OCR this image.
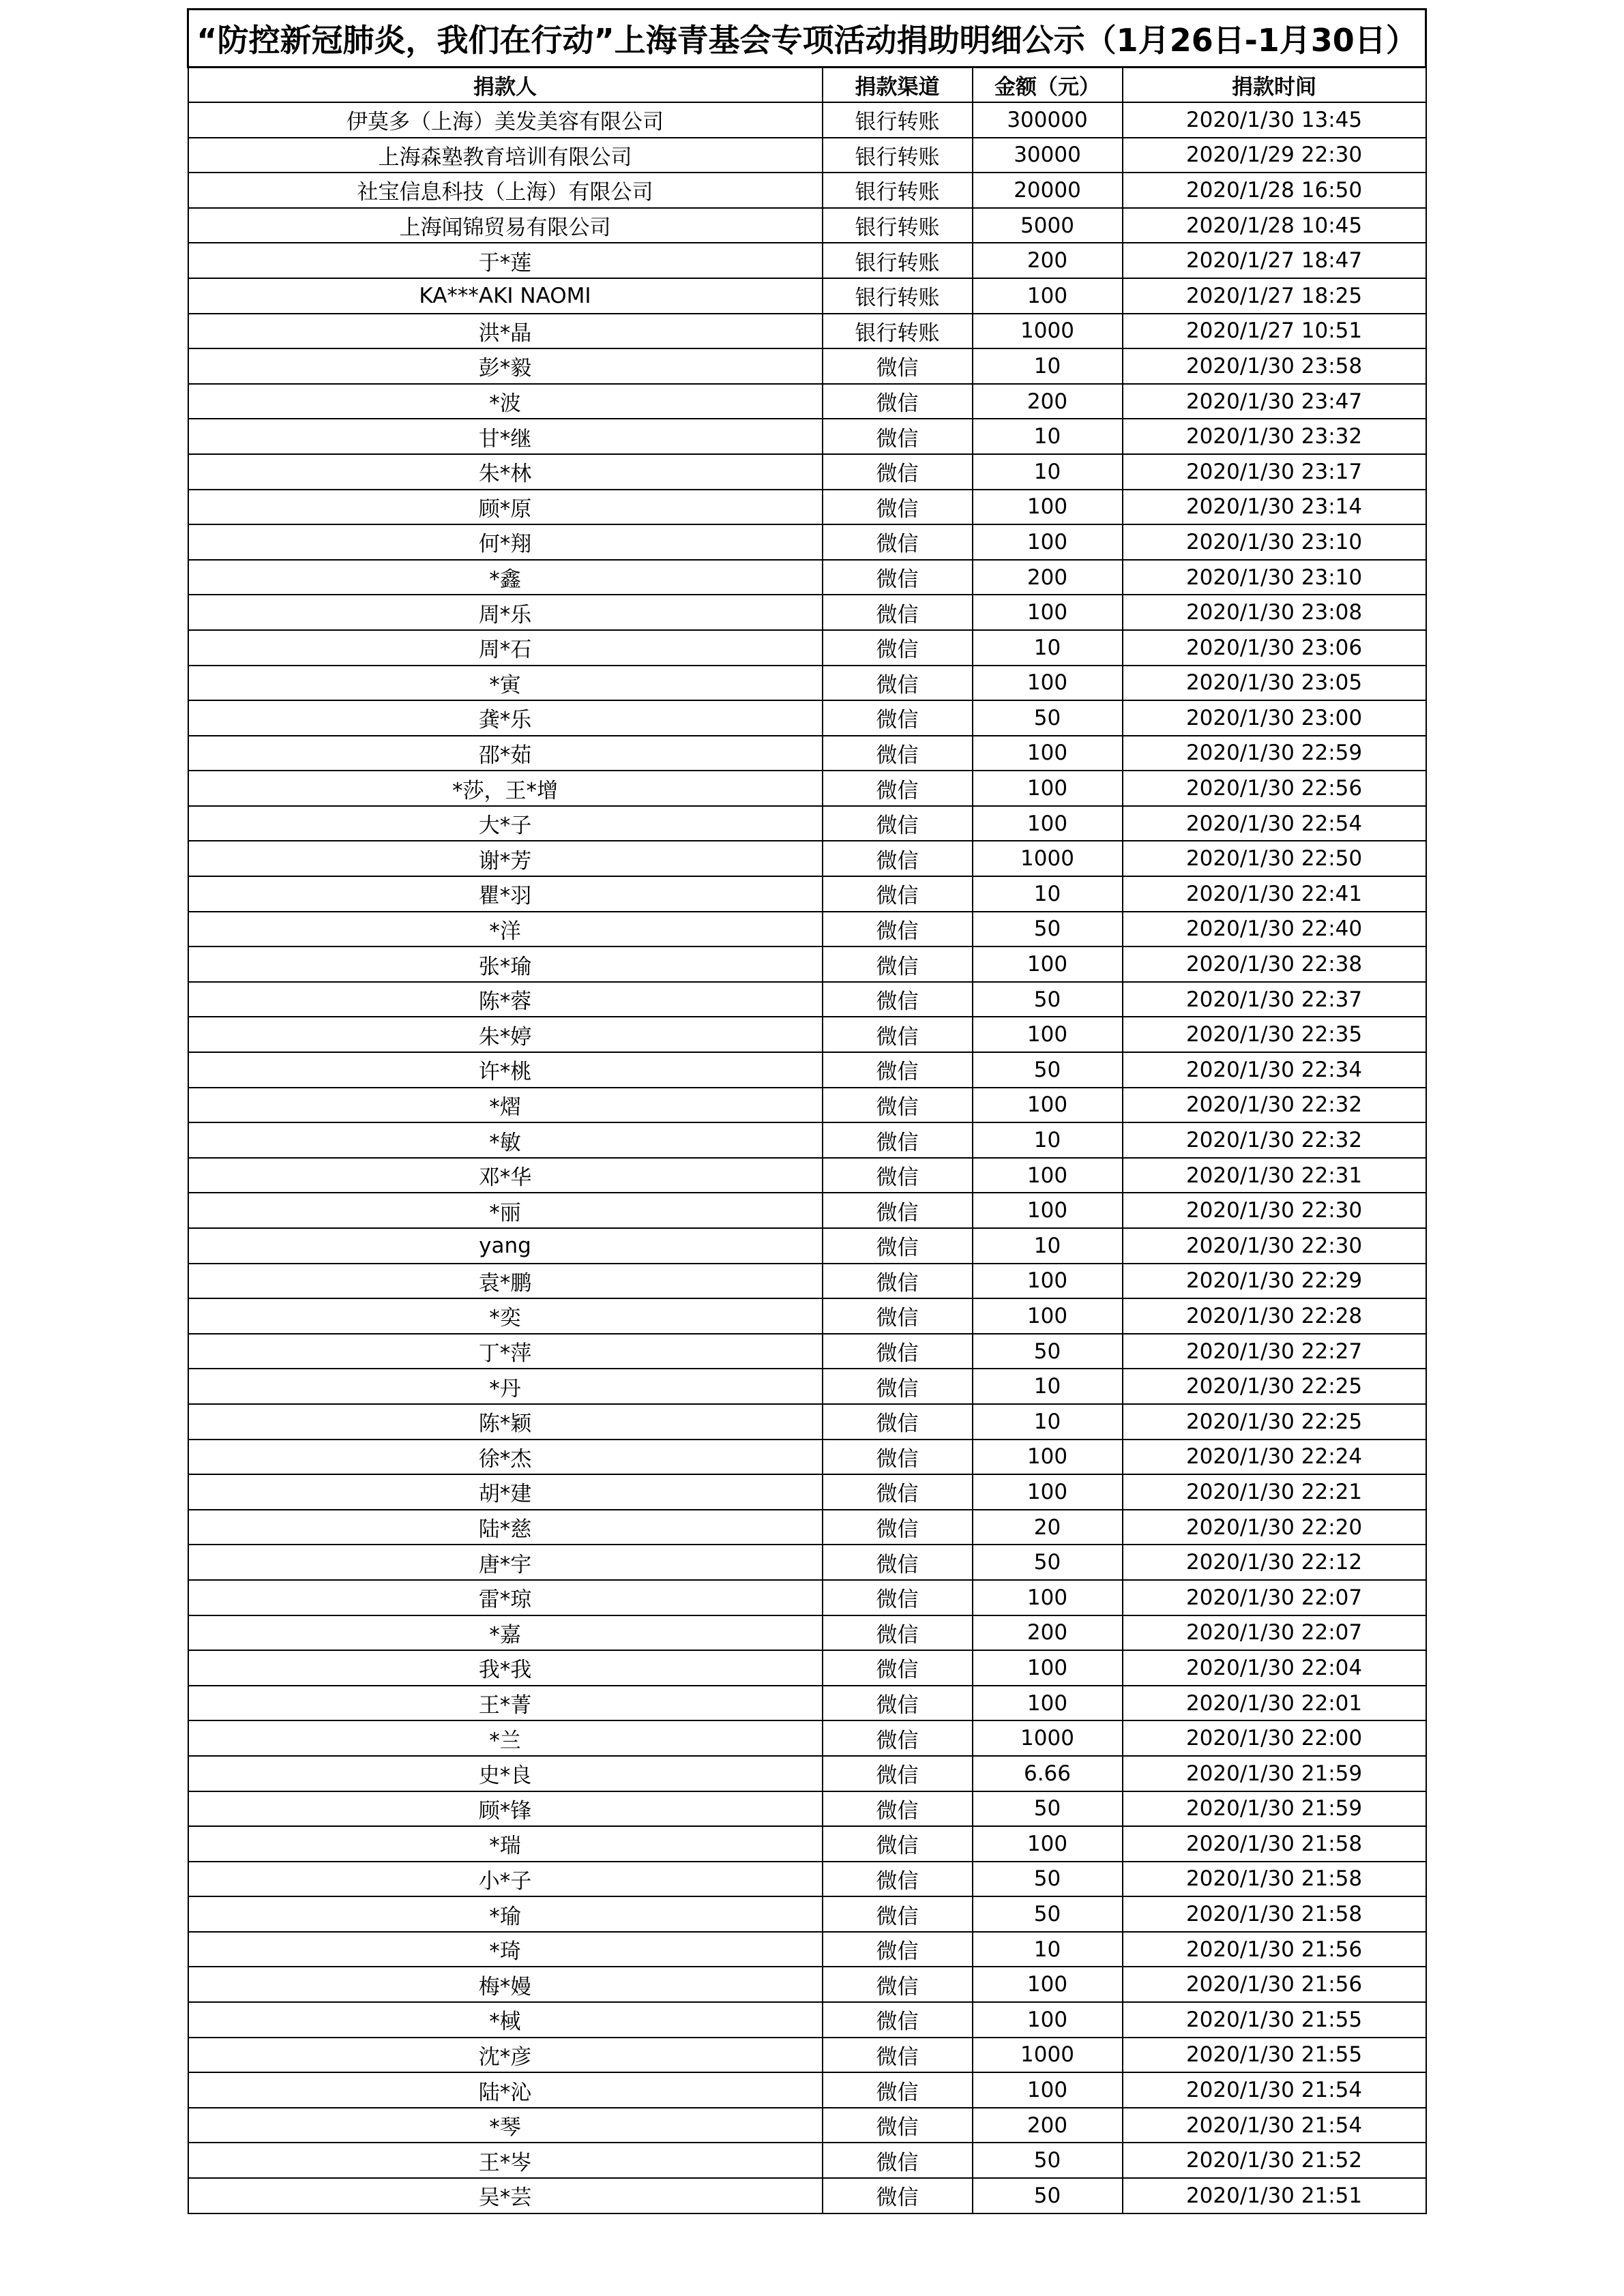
“防控新冠肺炎，我们在行动”上海青基会专项活动捐助明细公示（1月26日-1月30日）			
捐款人	捐款渠道	金额（元）	捐款时间
伊莫多（上海）美发美容有限公司	银行转账	300000	2020/1/30 13:45
上海森塾教育培训有限公司	银行转账	30000	2020/1/29 22:30
社宝信息科技（上海）有限公司	银行转账	20000	2020/1/28 16:50
上海闻锦贸易有限公司	银行转账	5000	2020/1/28 10:45
于*莲	银行转账	200	2020/1/27 18:47
KA***AKI NAOMI	银行转账	100	2020/1/27 18:25
洪*晶	银行转账	1000	2020/1/27 10:51
彭*毅	微信	10	2020/1/30 23:58
*波	微信	200	2020/1/30 23:47
甘*继	微信	10	2020/1/30 23:32
朱*林	微信	10	2020/1/30 23:17
顾*原	微信	100	2020/1/30 23:14
何*翔	微信	100	2020/1/30 23:10
*鑫	微信	200	2020/1/30 23:10
周*乐	微信	100	2020/1/30 23:08
周*石	微信	10	2020/1/30 23:06
*寅	微信	100	2020/1/30 23:05
龚*乐	微信	50	2020/1/30 23:00
邵*茹	微信	100	2020/1/30 22:59
*莎，王*增	微信	100	2020/1/30 22:56
大*子	微信	100	2020/1/30 22:54
谢*芳	微信	1000	2020/1/30 22:50
瞿*羽	微信	10	2020/1/30 22:41
*洋	微信	50	2020/1/30 22:40
张*瑜	微信	100	2020/1/30 22:38
陈*蓉	微信	50	2020/1/30 22:37
朱*婷	微信	100	2020/1/30 22:35
许*桃	微信	50	2020/1/30 22:34
*熠	微信	100	2020/1/30 22:32
*敏	微信	10	2020/1/30 22:32
邓*华	微信	100	2020/1/30 22:31
*丽	微信	100	2020/1/30 22:30
yang	微信	10	2020/1/30 22:30
袁*鹏	微信	100	2020/1/30 22:29
*奕	微信	100	2020/1/30 22:28
丁*萍	微信	50	2020/1/30 22:27
*丹	微信	10	2020/1/30 22:25
陈*颖	微信	10	2020/1/30 22:25
徐*杰	微信	100	2020/1/30 22:24
胡*建	微信	100	2020/1/30 22:21
陆*慈	微信	20	2020/1/30 22:20
唐*宇	微信	50	2020/1/30 22:12
雷*琼	微信	100	2020/1/30 22:07
*嘉	微信	200	2020/1/30 22:07
我*我	微信	100	2020/1/30 22:04
王*菁	微信	100	2020/1/30 22:01
*兰	微信	1000	2020/1/30 22:00
史*良	微信	6.66	2020/1/30 21:59
顾*锋	微信	50	2020/1/30 21:59
*瑞	微信	100	2020/1/30 21:58
小*子	微信	50	2020/1/30 21:58
*瑜	微信	50	2020/1/30 21:58
*琦	微信	10	2020/1/30 21:56
梅*嫚	微信	100	2020/1/30 21:56
*棫	微信	100	2020/1/30 21:55
沈*彦	微信	1000	2020/1/30 21:55
陆*沁	微信	100	2020/1/30 21:54
*琴	微信	200	2020/1/30 21:54
王*岑	微信	50	2020/1/30 21:52
吴*芸	微信	50	2020/1/30 21:51
